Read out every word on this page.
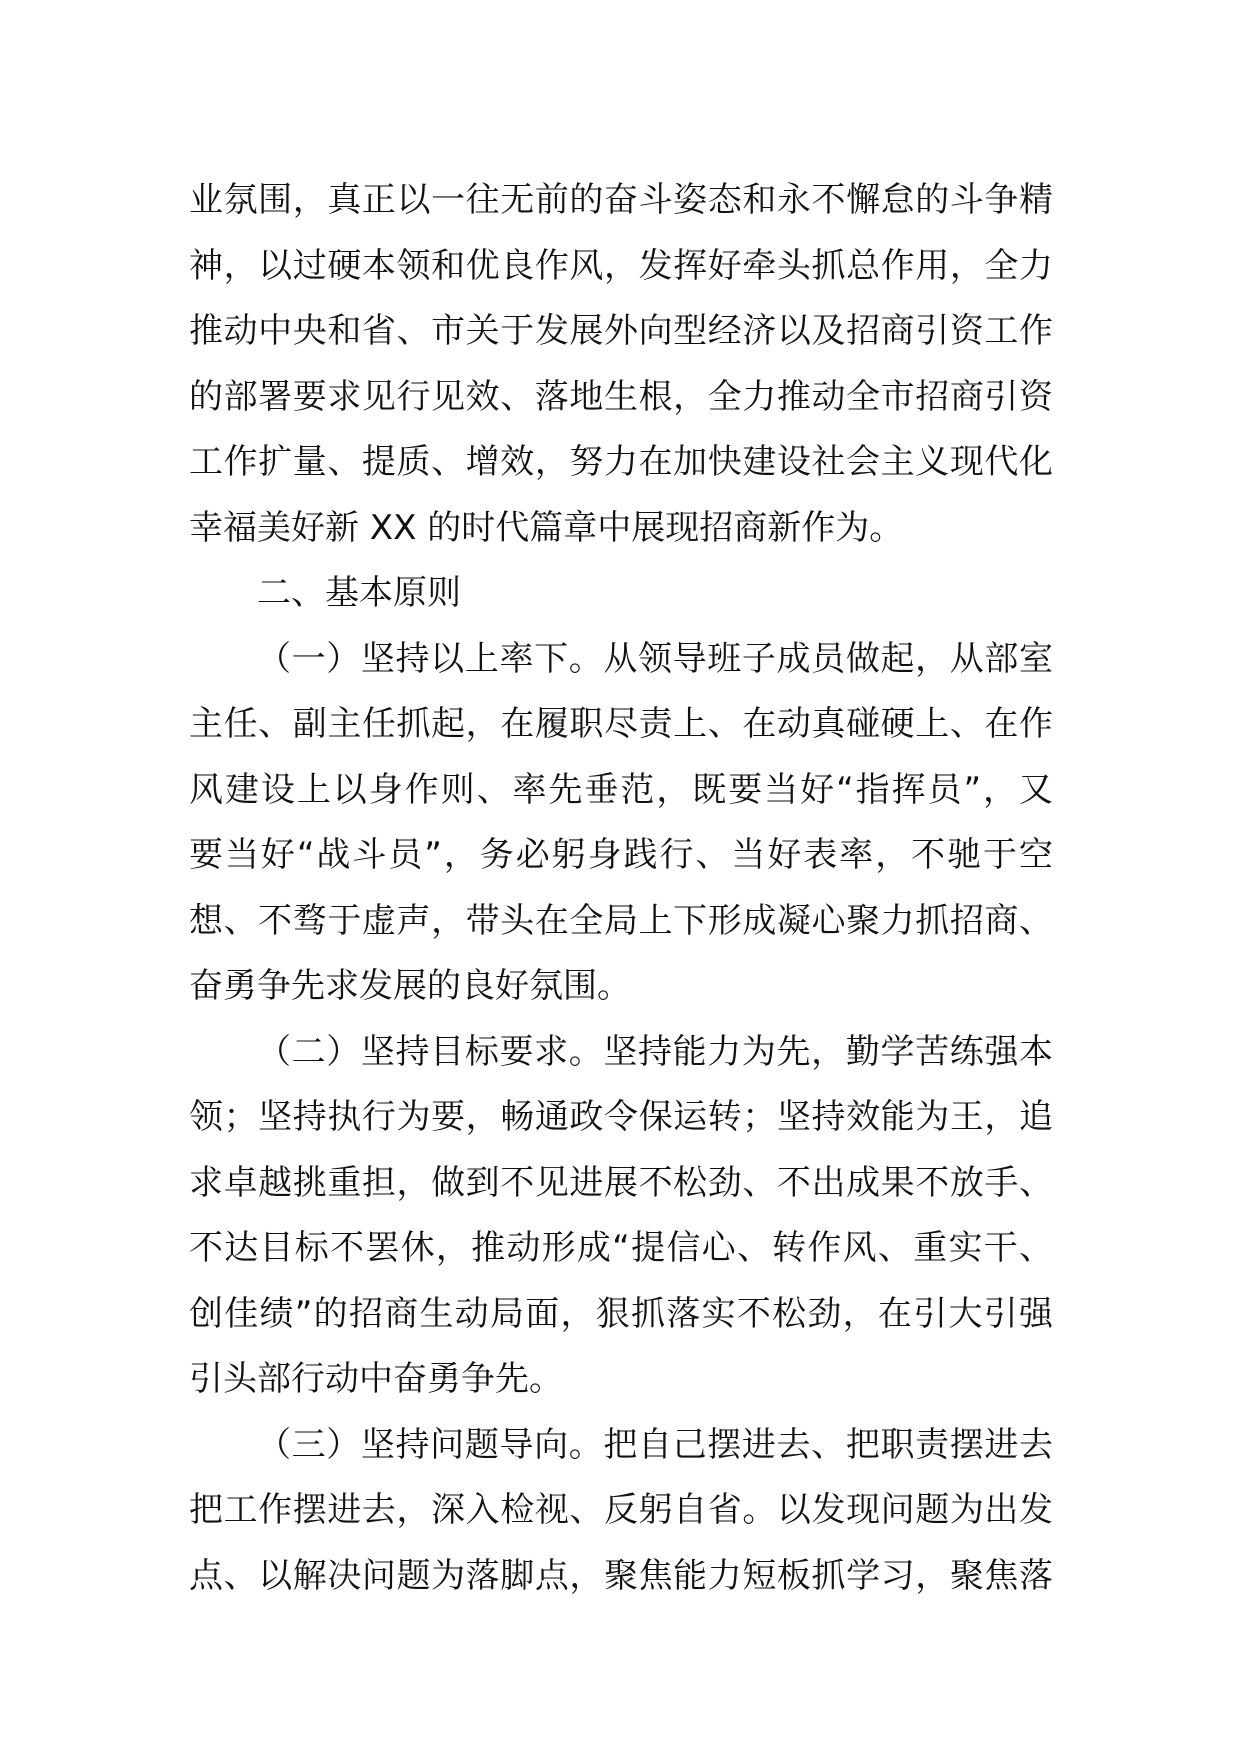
业氛围，真正以一往无前的奋斗姿态和永不懈怠的斗争精
神，以过硬本领和优良作风，发挥好牵头抓总作用，全力
推动中央和省、市关于发展外向型经济以及招商引资工作
的部署要求见行见效、落地生根，全力推动全市招商引资
工作扩量、提质、增效，努力在加快建设社会主义现代化
幸福美好新 XX 的时代篇章中展现招商新作为。
二、基本原则
（一）坚持以上率下。从领导班子成员做起，从部室
主任、副主任抓起，在履职尽责上、在动真碰硬上、在作
风建设上以身作则、率先垂范，既要当好“指挥员”，又
要当好“战斗员”，务必躬身践行、当好表率，不驰于空
想、不骛于虚声，带头在全局上下形成凝心聚力抓招商、
奋勇争先求发展的良好氛围。
（二）坚持目标要求。坚持能力为先，勤学苦练强本
领；坚持执行为要，畅通政令保运转；坚持效能为王，追
求卓越挑重担，做到不见进展不松劲、不出成果不放手、
不达目标不罢休，推动形成“提信心、转作风、重实干、
创佳绩”的招商生动局面，狠抓落实不松劲，在引大引强
引头部行动中奋勇争先。
（三）坚持问题导向。把自己摆进去、把职责摆进去
把工作摆进去，深入检视、反躬自省。以发现问题为出发
点、以解决问题为落脚点，聚焦能力短板抓学习，聚焦落
